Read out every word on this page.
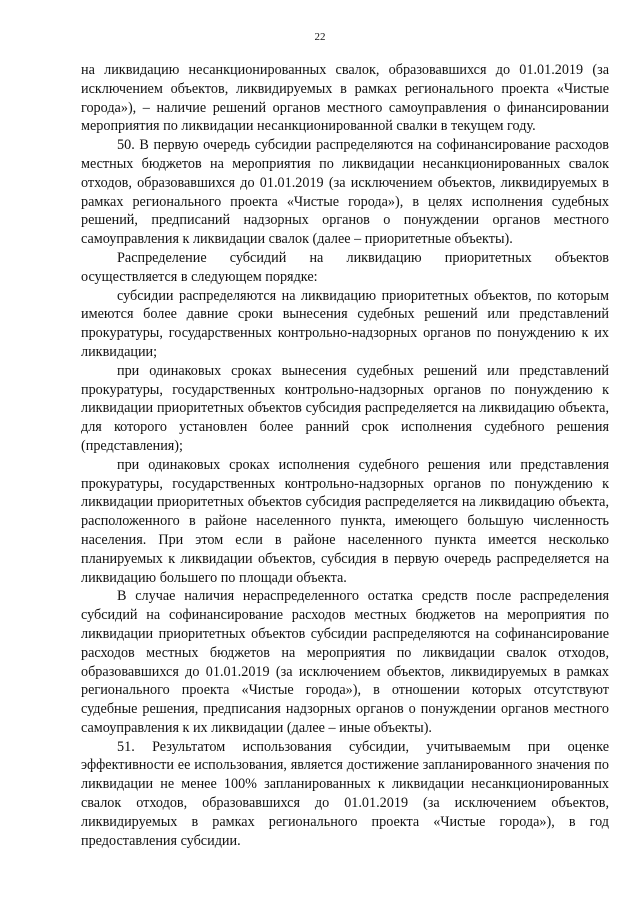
22

на ликвидацию несанкционированных свалок, образовавшихся до 01.01.2019 (за исключением объектов, ликвидируемых в рамках регионального проекта «Чистые города»), – наличие решений органов местного самоуправления о финансировании мероприятия по ликвидации несанкционированной свалки в текущем году.

50. В первую очередь субсидии распределяются на софинансирование расходов местных бюджетов на мероприятия по ликвидации несанкционированных свалок отходов, образовавшихся до 01.01.2019 (за исключением объектов, ликвидируемых в рамках регионального проекта «Чистые города»), в целях исполнения судебных решений, предписаний надзорных органов о понуждении органов местного самоуправления к ликвидации свалок (далее – приоритетные объекты).

Распределение субсидий на ликвидацию приоритетных объектов осуществляется в следующем порядке:

субсидии распределяются на ликвидацию приоритетных объектов, по которым имеются более давние сроки вынесения судебных решений или представлений прокуратуры, государственных контрольно-надзорных органов по понуждению к их ликвидации;

при одинаковых сроках вынесения судебных решений или представлений прокуратуры, государственных контрольно-надзорных органов по понуждению к ликвидации приоритетных объектов субсидия распределяется на ликвидацию объекта, для которого установлен более ранний срок исполнения судебного решения (представления);

при одинаковых сроках исполнения судебного решения или представления прокуратуры, государственных контрольно-надзорных органов по понуждению к ликвидации приоритетных объектов субсидия распределяется на ликвидацию объекта, расположенного в районе населенного пункта, имеющего большую численность населения. При этом если в районе населенного пункта имеется несколько планируемых к ликвидации объектов, субсидия в первую очередь распределяется на ликвидацию большего по площади объекта.

В случае наличия нераспределенного остатка средств после распределения субсидий на софинансирование расходов местных бюджетов на мероприятия по ликвидации приоритетных объектов субсидии распределяются на софинансирование расходов местных бюджетов на мероприятия по ликвидации свалок отходов, образовавшихся до 01.01.2019 (за исключением объектов, ликвидируемых в рамках регионального проекта «Чистые города»), в отношении которых отсутствуют судебные решения, предписания надзорных органов о понуждении органов местного самоуправления к их ликвидации (далее – иные объекты).

51. Результатом использования субсидии, учитываемым при оценке эффективности ее использования, является достижение запланированного значения по ликвидации не менее 100% запланированных к ликвидации несанкционированных свалок отходов, образовавшихся до 01.01.2019 (за исключением объектов, ликвидируемых в рамках регионального проекта «Чистые города»), в год предоставления субсидии.
